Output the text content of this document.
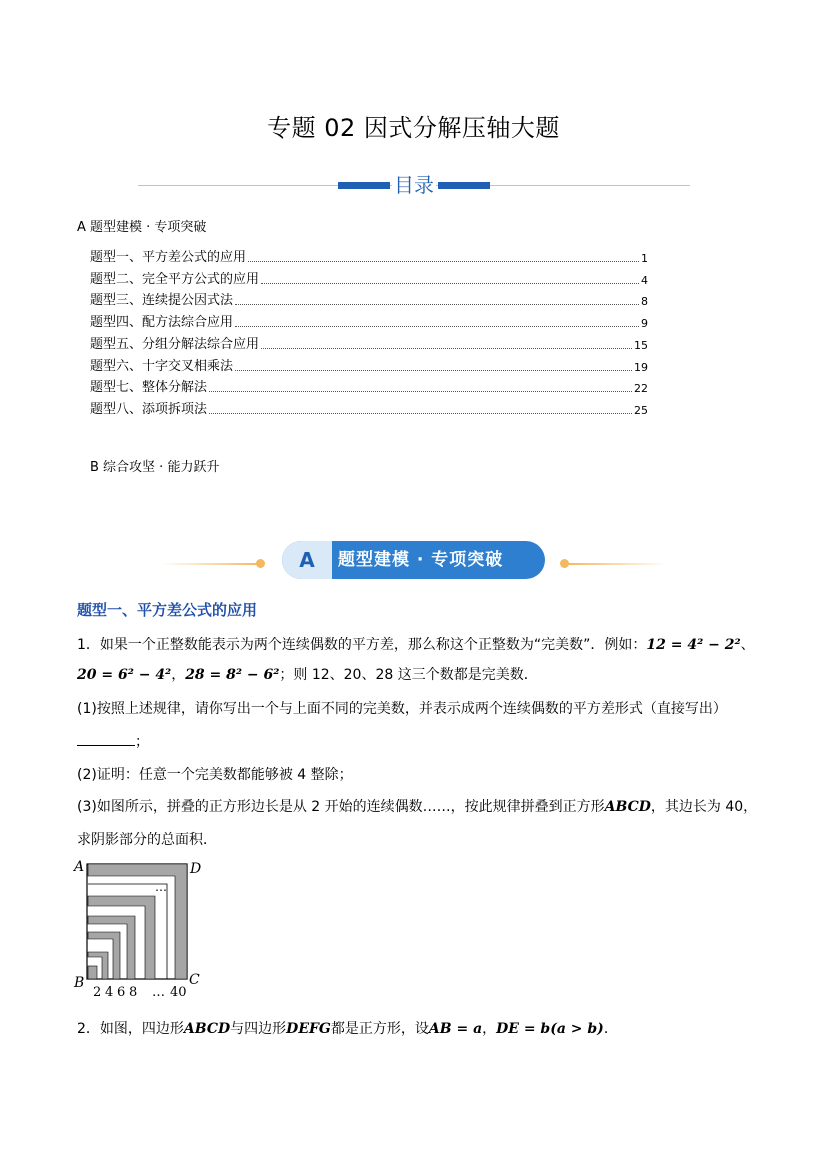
专题 02 因式分解压轴大题
目录
A 题型建模 · 专项突破
题型一、平方差公式的应用	1
题型二、完全平方公式的应用	4
题型三、连续提公因式法	8
题型四、配方法综合应用	9
题型五、分组分解法综合应用	15
题型六、十字交叉相乘法	19
题型七、整体分解法	22
题型八、添项拆项法	25
B 综合攻坚 · 能力跃升
A	题型建模 · 专项突破
题型一、平方差公式的应用
1．如果一个正整数能表示为两个连续偶数的平方差，那么称这个正整数为“完美数”．例如：12 = 4² − 2²、
20 = 6² − 4²，28 = 8² − 6²；则 12、20、28 这三个数都是完美数．
(1)按照上述规律，请你写出一个与上面不同的完美数，并表示成两个连续偶数的平方差形式（直接写出）
；
(2)证明：任意一个完美数都能够被 4 整除；
(3)如图所示，拼叠的正方形边长是从 2 开始的连续偶数……，按此规律拼叠到正方形ABCD，其边长为 40，
求阴影部分的总面积．
…
A	D
B	C
2 4 6 8 … 40
2．如图，四边形ABCD与四边形DEFG都是正方形，设AB = a，DE = b(a > b)．
